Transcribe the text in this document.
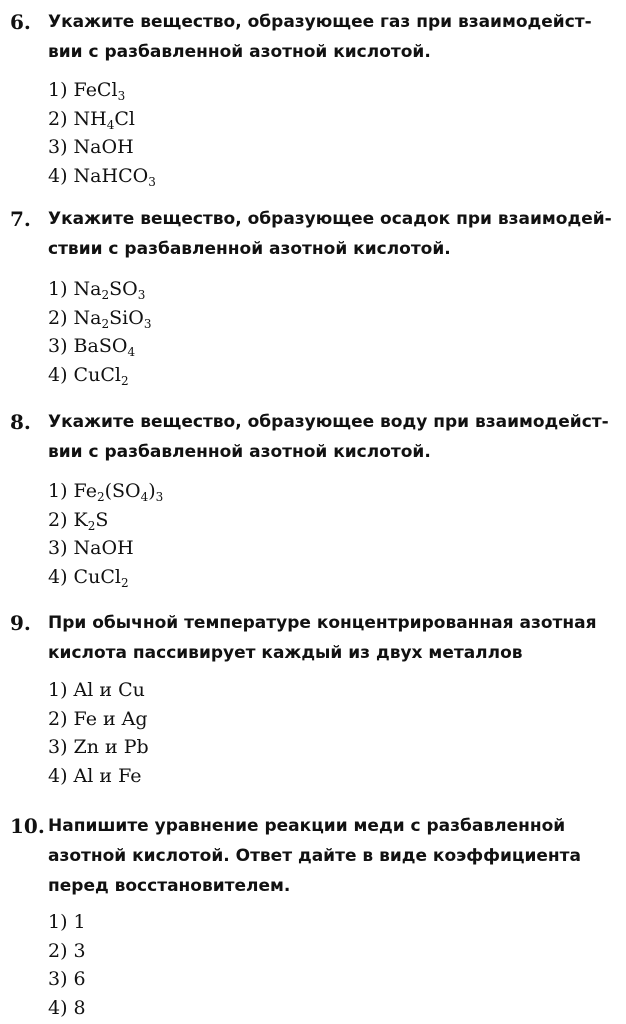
6. Укажите вещество, образующее газ при взаимодейст-
вии с разбавленной азотной кислотой.
1) FeCl$_3$
2) $NH_4Cl$
3) NaOH
4) NaHCO$_3$
7. Укажите вещество, образующее осадок при взаимодей-
ствии с разбавленной азотной кислотой.
1) $Na_2SO_3$
2) $Na_2SiO_3$
3) BaSO$_4$
4) CuCl$_2$
8. Укажите вещество, образующее воду при взаимодейст-
вии с разбавленной азотной кислотой.
1) $Fe_2(SO_4)_3$
2) $K_2S$
3) NaOH
4) CuCl$_2$
9. При обычной температуре концентрированная азотная
кислота пассивирует каждый из двух металлов
1) Al и Cu
2) Fe и Ag
3) Zn и Pb
4) Al и Fe
10. Напишите уравнение реакции меди с разбавленной
азотной кислотой. Ответ дайте в виде коэффициента
перед восстановителем.
1) 1
2) 3
3) 6
4) 8
